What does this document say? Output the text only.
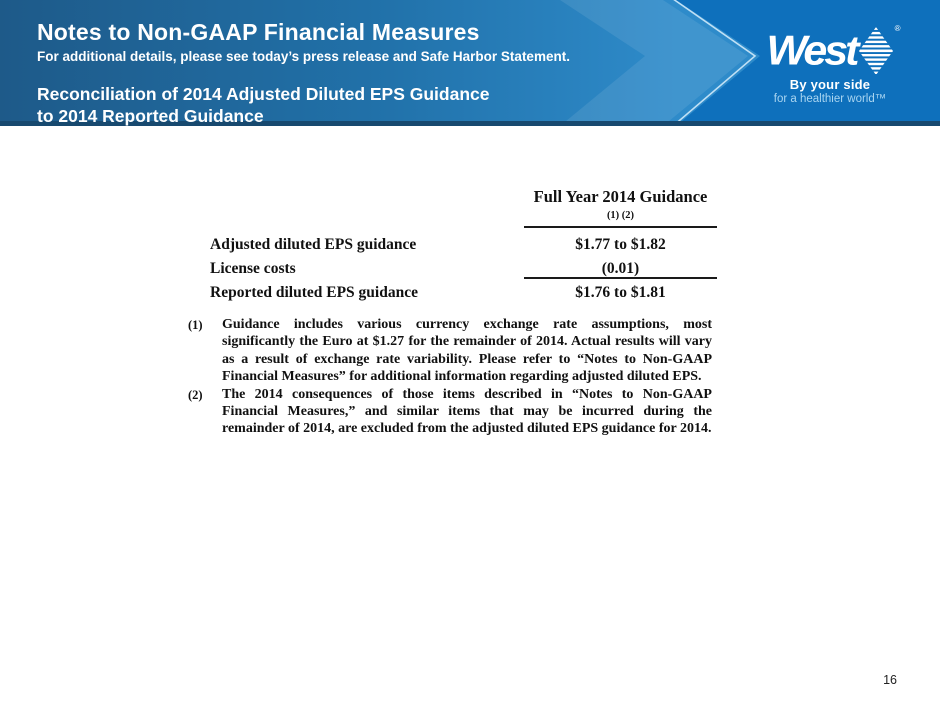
Notes to Non-GAAP Financial Measures

For additional details, please see today’s press release and Safe Harbor Statement.

Reconciliation of 2014 Adjusted Diluted EPS Guidance
to 2014 Reported Guidance
West	®
By your side
for a healthier world™

Full Year 2014 Guidance

(1) (2)

Adjusted diluted EPS guidance	$1.77 to $1.82

License costs	(0.01)

Reported diluted EPS guidance	$1.76 to $1.81

(1)	Guidance includes various currency exchange rate assumptions, most significantly the Euro at $1.27 for the remainder of 2014. Actual results will vary as a result of exchange rate variability. Please refer to “Notes to Non-GAAP Financial Measures” for additional information regarding adjusted diluted EPS.
(2)	The 2014 consequences of those items described in “Notes to Non-GAAP Financial Measures,” and similar items that may be incurred during the remainder of 2014, are excluded from the adjusted diluted EPS guidance for 2014.
16
